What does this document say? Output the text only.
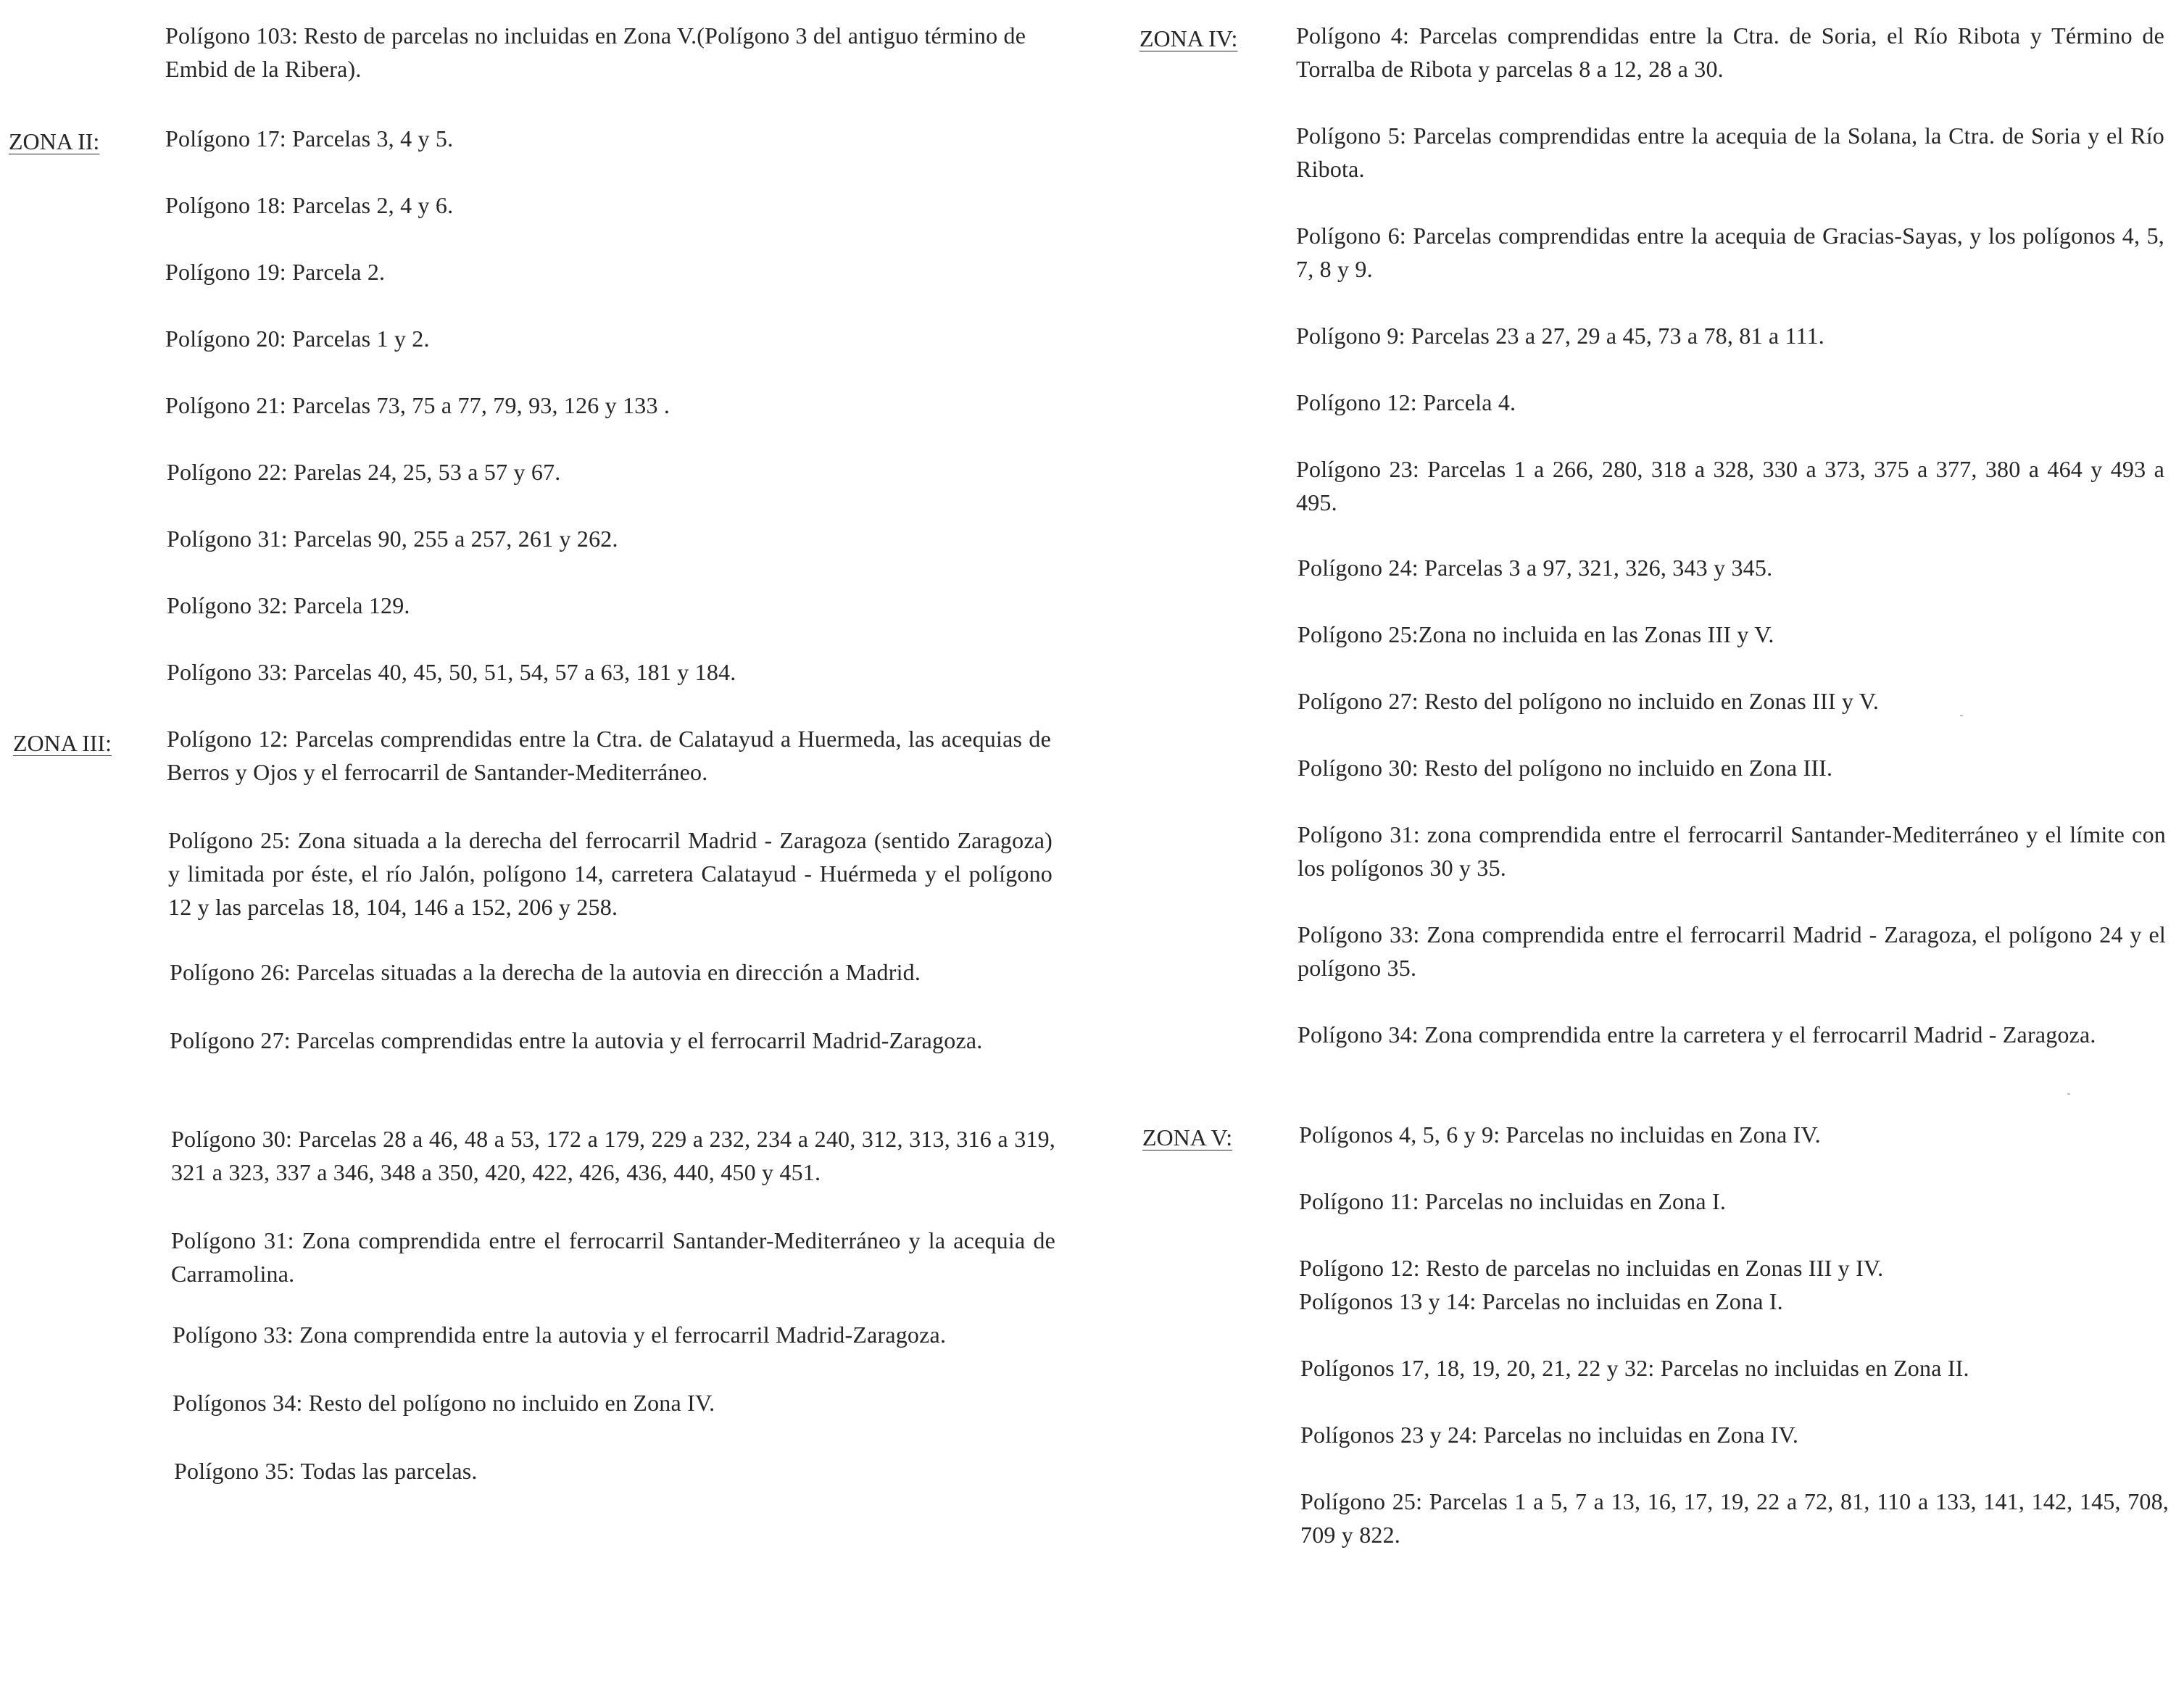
Polígono 103: Resto de parcelas no incluidas en Zona V.(Polígono 3 del antiguo término de Embid de la Ribera).
ZONA II:	Polígono 17: Parcelas 3, 4 y 5.
Polígono 18: Parcelas 2, 4 y 6.
Polígono 19: Parcela 2.
Polígono 20: Parcelas 1 y 2.
Polígono 21: Parcelas 73, 75 a 77, 79, 93, 126 y 133 .
Polígono 22: Parelas 24, 25, 53 a 57 y 67.
Polígono 31: Parcelas 90, 255 a 257, 261 y 262.
Polígono 32: Parcela 129.
Polígono 33: Parcelas 40, 45, 50, 51, 54, 57 a 63, 181 y 184.
ZONA III: Polígono 12: Parcelas comprendidas entre la Ctra. de Calatayud a Huermeda, las acequias de Berros y Ojos y el ferrocarril de Santander-Mediterráneo.
Polígono 25: Zona situada a la derecha del ferrocarril Madrid - Zaragoza (sentido Zaragoza) y limitada por éste, el río Jalón, polígono 14, carretera Calatayud - Huérmeda y el polígono 12 y las parcelas 18, 104, 146 a 152, 206 y 258.
Polígono 26: Parcelas situadas a la derecha de la autovia en dirección a Madrid.
Polígono 27: Parcelas comprendidas entre la autovia y el ferrocarril Madrid-Zaragoza.
Polígono 30: Parcelas 28 a 46, 48 a 53, 172 a 179, 229 a 232, 234 a 240, 312, 313, 316 a 319, 321 a 323, 337 a 346, 348 a 350, 420, 422, 426, 436, 440, 450 y 451.
Polígono 31: Zona comprendida entre el ferrocarril Santander-Mediterráneo y la acequia de Carramolina.
Polígono 33: Zona comprendida entre la autovia y el ferrocarril Madrid-Zaragoza.
Polígonos 34: Resto del polígono no incluido en Zona IV.
Polígono 35: Todas las parcelas.
ZONA IV:	Polígono 4: Parcelas comprendidas entre la Ctra. de Soria, el Río Ribota y Término de Torralba de Ribota y parcelas 8 a 12, 28 a 30.
Polígono 5: Parcelas comprendidas entre la acequia de la Solana, la Ctra. de Soria y el Río Ribota.
Polígono 6: Parcelas comprendidas entre la acequia de Gracias-Sayas, y los polígonos 4, 5, 7, 8 y 9.
Polígono 9: Parcelas 23 a 27, 29 a 45, 73 a 78, 81 a 111.
Polígono 12: Parcela 4.
Polígono 23: Parcelas 1 a 266, 280, 318 a 328, 330 a 373, 375 a 377, 380 a 464 y 493 a 495.
Polígono 24: Parcelas 3 a 97, 321, 326, 343 y 345.
Polígono 25:Zona no incluida en las Zonas III y V.
Polígono 27: Resto del polígono no incluido en Zonas III y V.
Polígono 30: Resto del polígono no incluido en Zona III.
Polígono 31: zona comprendida entre el ferrocarril Santander-Mediterráneo y el límite con los polígonos 30 y 35.
Polígono 33: Zona comprendida entre el ferrocarril Madrid - Zaragoza, el polígono 24 y el polígono 35.
Polígono 34: Zona comprendida entre la carretera y el ferrocarril Madrid - Zaragoza.
ZONA V:	Polígonos 4, 5, 6 y 9: Parcelas no incluidas en Zona IV.
Polígono 11: Parcelas no incluidas en Zona I.
Polígono 12: Resto de parcelas no incluidas en Zonas III y IV.
Polígonos 13 y 14: Parcelas no incluidas en Zona I.
Polígonos 17, 18, 19, 20, 21, 22 y 32: Parcelas no incluidas en Zona II.
Polígonos 23 y 24: Parcelas no incluidas en Zona IV.
Polígono 25: Parcelas 1 a 5, 7 a 13, 16, 17, 19, 22 a 72, 81, 110 a 133, 141, 142, 145, 708, 709 y 822.
